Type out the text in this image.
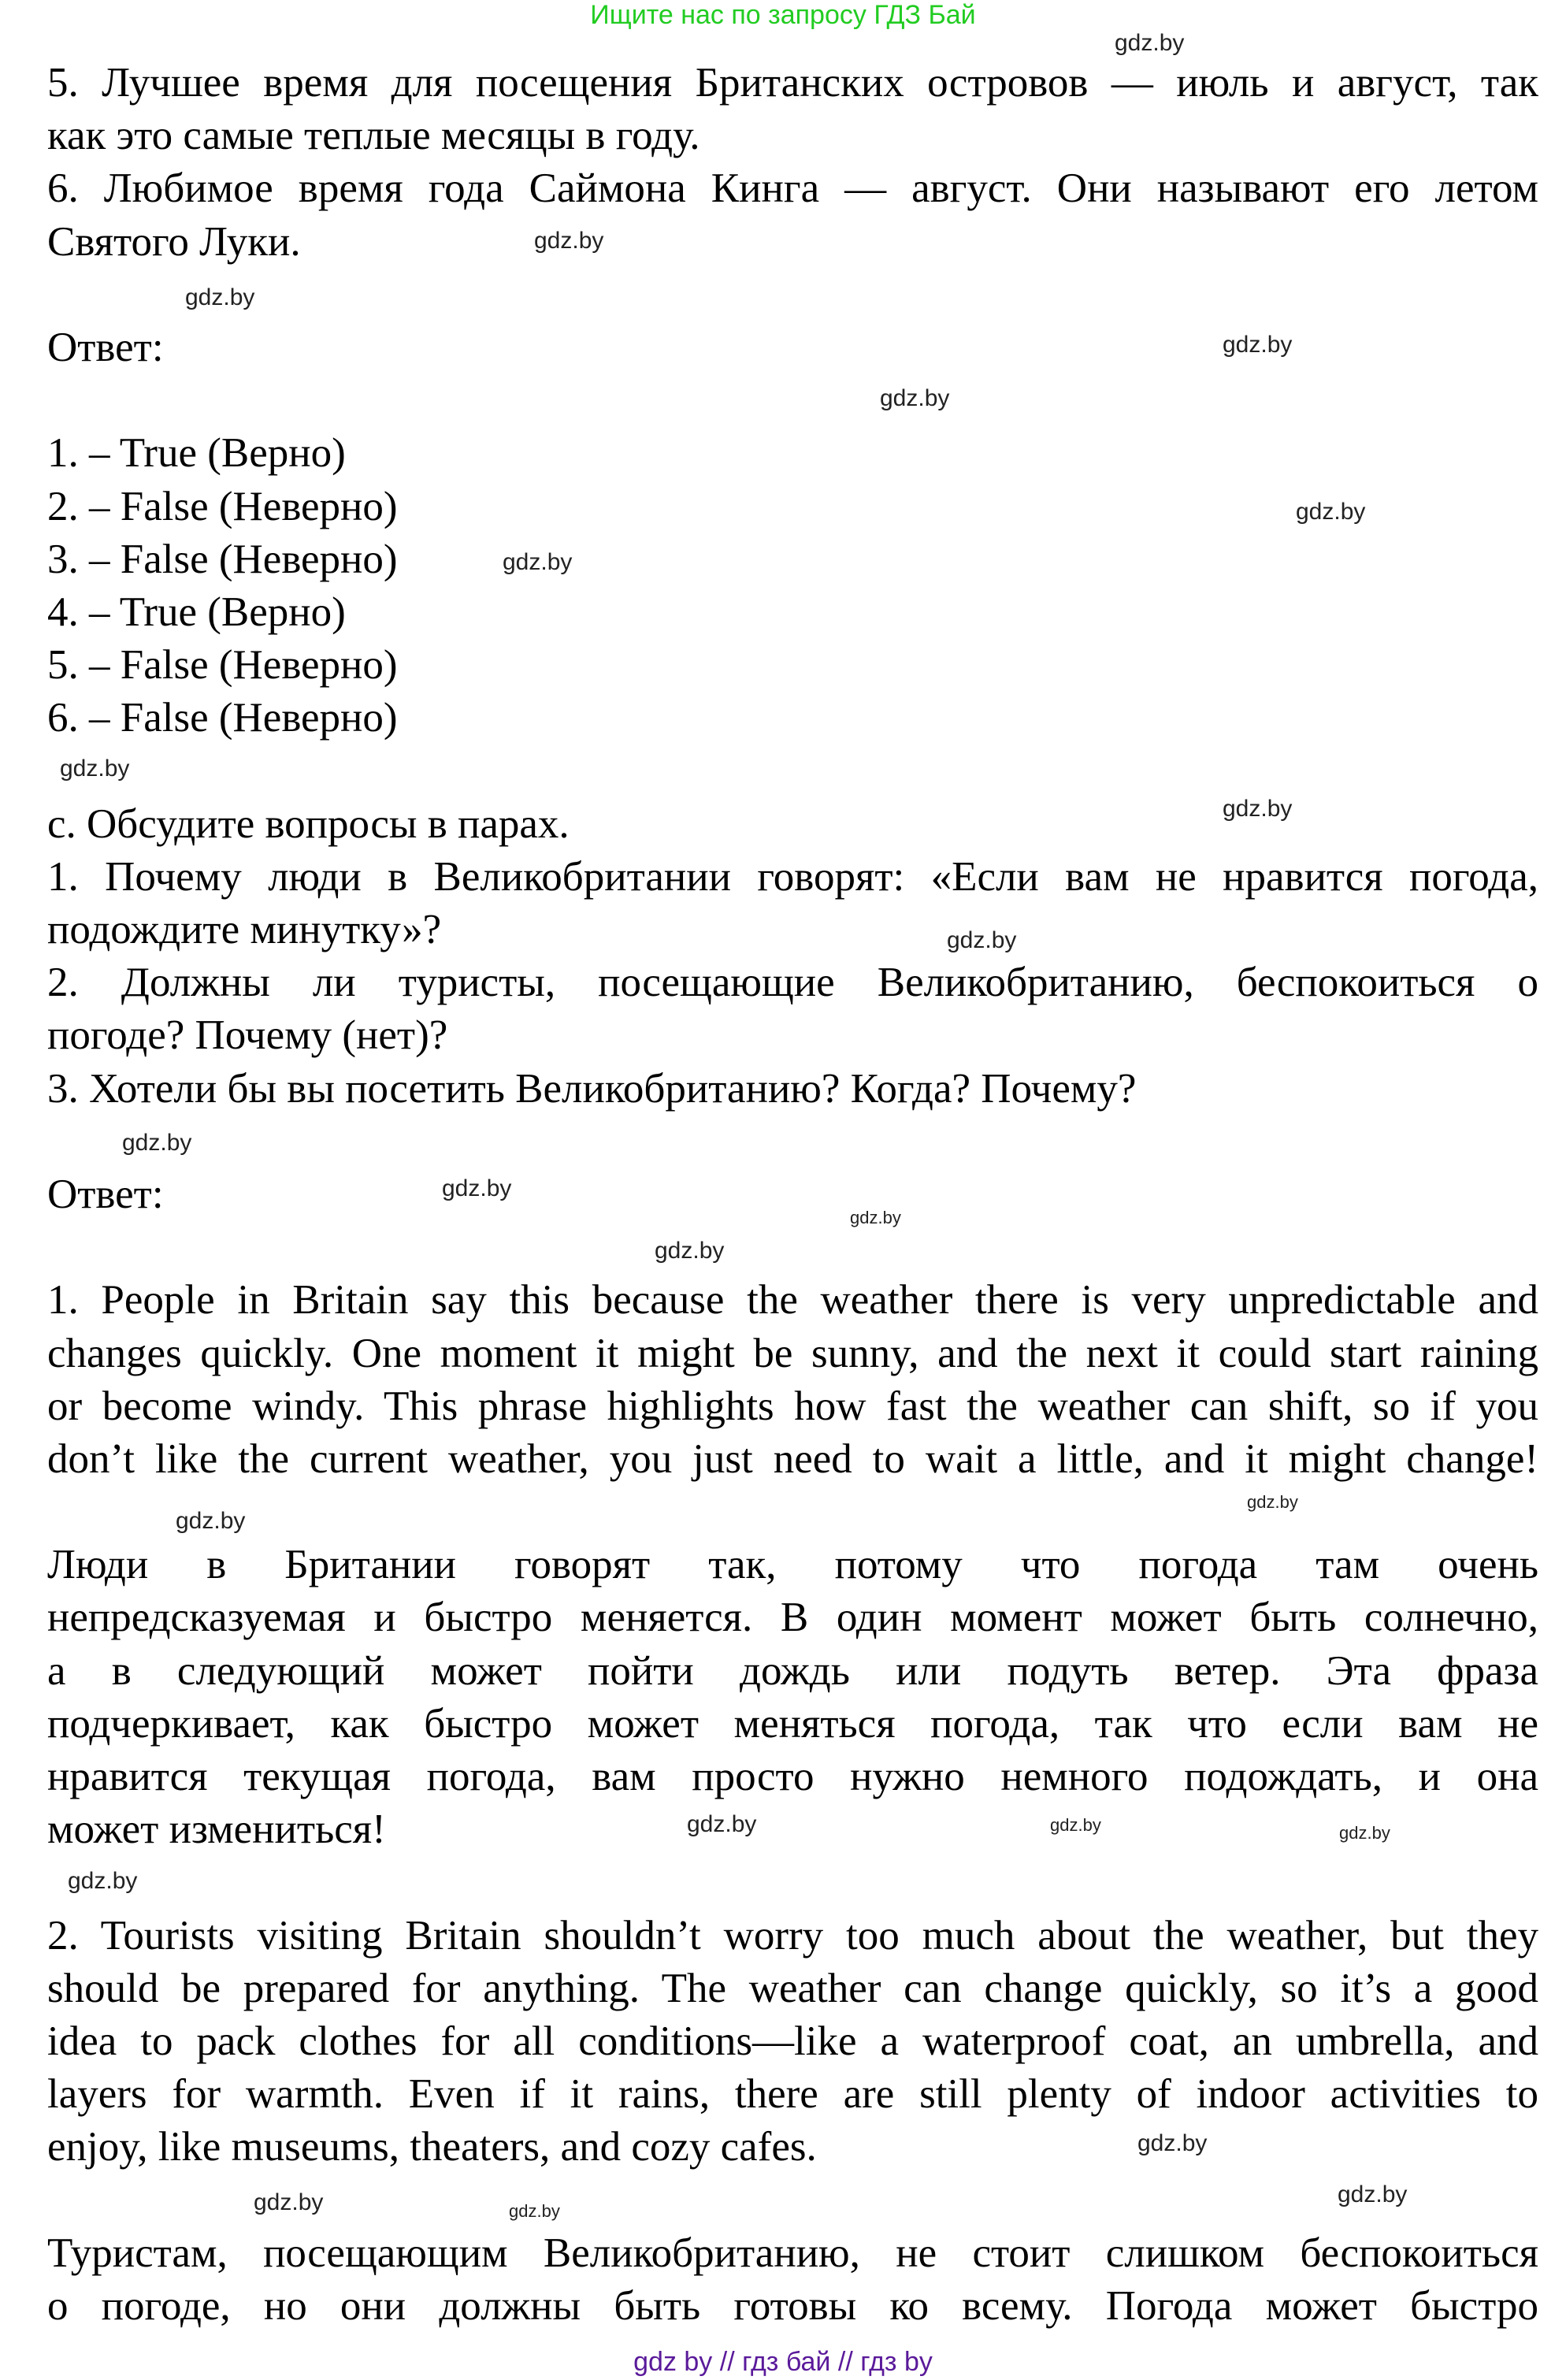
Ищите нас по запросу ГДЗ Бай
5. Лучшее время для посещения Британских островов — июль и август, так
как это самые теплые месяцы в году.
6. Любимое время года Саймона Кинга — август. Они называют его летом
Святого Луки.
Ответ:
1. – True (Верно)
2. – False (Неверно)
3. – False (Неверно)
4. – True (Верно)
5. – False (Неверно)
6. – False (Неверно)
c. Обсудите вопросы в парах.
1. Почему люди в Великобритании говорят: «Если вам не нравится погода,
подождите минутку»?
2. Должны ли туристы, посещающие Великобританию, беспокоиться о
погоде? Почему (нет)?
3. Хотели бы вы посетить Великобританию? Когда? Почему?
Ответ:
1. People in Britain say this because the weather there is very unpredictable and
changes quickly. One moment it might be sunny, and the next it could start raining
or become windy. This phrase highlights how fast the weather can shift, so if you
don’t like the current weather, you just need to wait a little, and it might change!
Люди в Британии говорят так, потому что погода там очень
непредсказуемая и быстро меняется. В один момент может быть солнечно,
а в следующий может пойти дождь или подуть ветер. Эта фраза
подчеркивает, как быстро может меняться погода, так что если вам не
нравится текущая погода, вам просто нужно немного подождать, и она
может измениться!
2. Tourists visiting Britain shouldn’t worry too much about the weather, but they
should be prepared for anything. The weather can change quickly, so it’s a good
idea to pack clothes for all conditions—like a waterproof coat, an umbrella, and
layers for warmth. Even if it rains, there are still plenty of indoor activities to
enjoy, like museums, theaters, and cozy cafes.
Туристам, посещающим Великобританию, не стоит слишком беспокоиться
о погоде, но они должны быть готовы ко всему. Погода может быстро
gdz.by
gdz.by
gdz.by
gdz.by
gdz.by
gdz.by
gdz.by
gdz.by
gdz.by
gdz.by
gdz.by
gdz.by
gdz.by
gdz.by
gdz.by
gdz.by
gdz.by	gdz.by
gdz.by
gdz.by
gdz.by
gdz.by
gdz.by	gdz.by
gdz by // гдз бай // гдз by
